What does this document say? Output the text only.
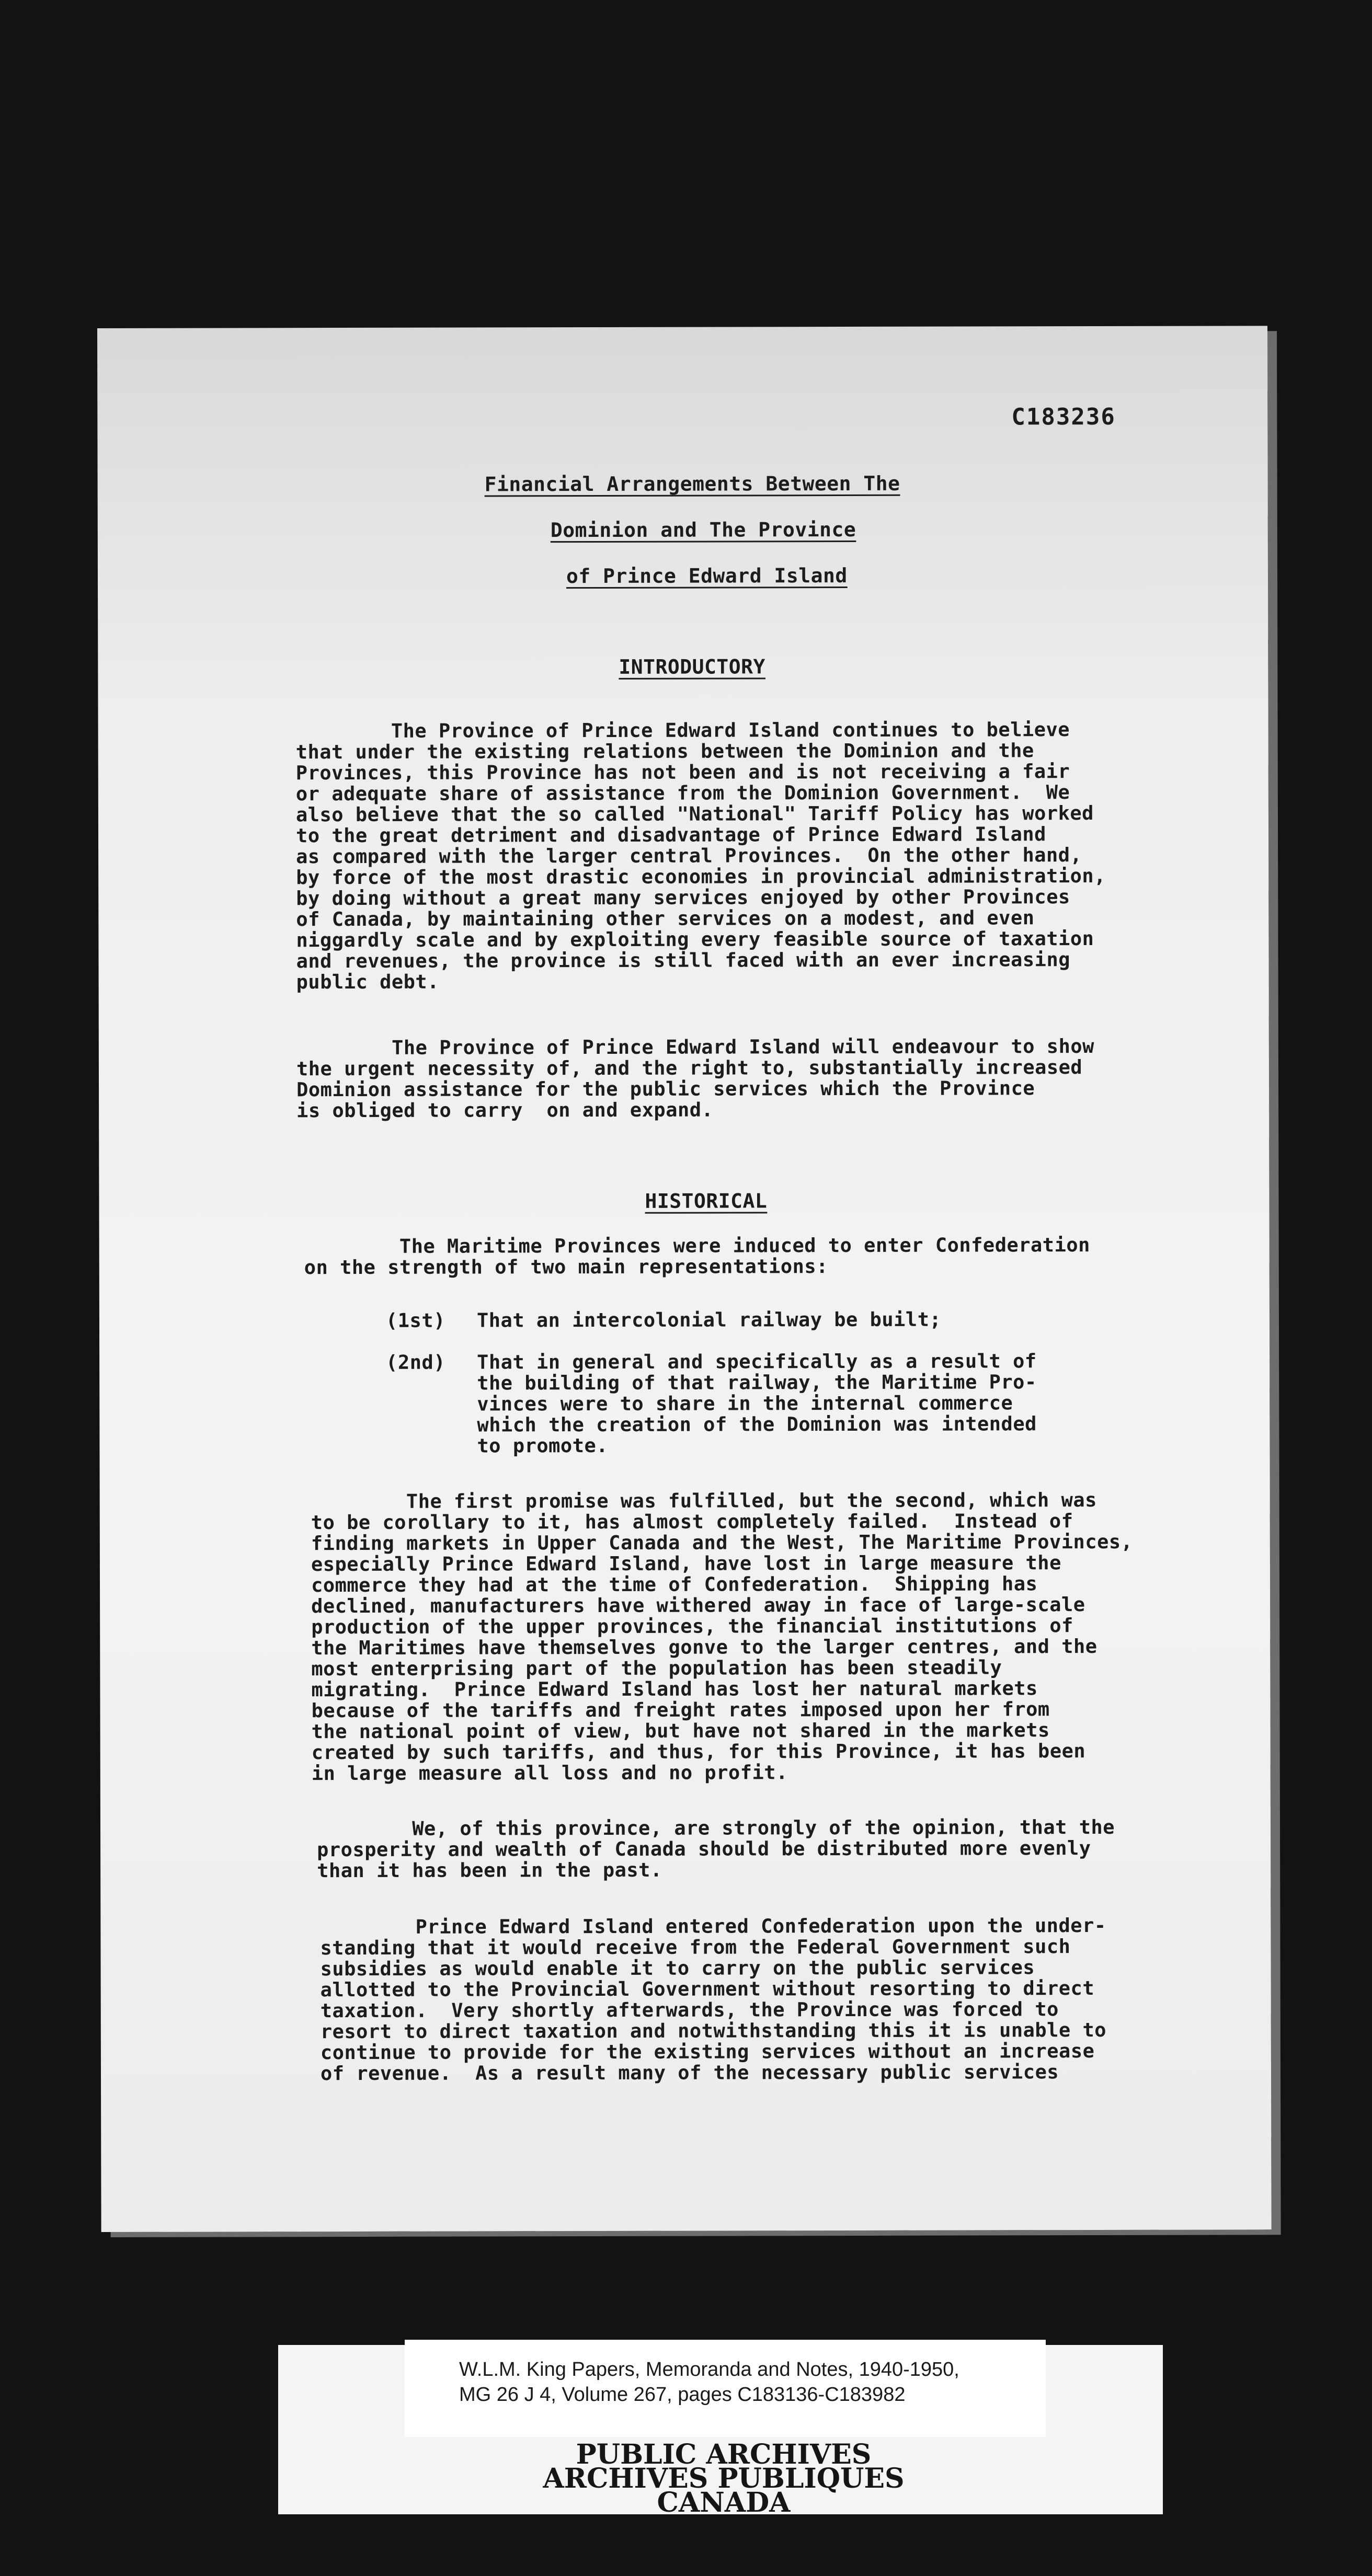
C183236
Financial Arrangements Between The
Dominion and The Province
of Prince Edward Island
INTRODUCTORY
The Province of Prince Edward Island continues to believe
that under the existing relations between the Dominion and the
Provinces, this Province has not been and is not receiving a fair
or adequate share of assistance from the Dominion Government.  We
also believe that the so called "National" Tariff Policy has worked
to the great detriment and disadvantage of Prince Edward Island
as compared with the larger central Provinces.  On the other hand,
by force of the most drastic economies in provincial administration,
by doing without a great many services enjoyed by other Provinces
of Canada, by maintaining other services on a modest, and even
niggardly scale and by exploiting every feasible source of taxation
and revenues, the province is still faced with an ever increasing
public debt.
The Province of Prince Edward Island will endeavour to show
the urgent necessity of, and the right to, substantially increased
Dominion assistance for the public services which the Province
is obliged to carry  on and expand.
HISTORICAL
The Maritime Provinces were induced to enter Confederation
on the strength of two main representations:
(1st) That an intercolonial railway be built;
(2nd) That in general and specifically as a result of
the building of that railway, the Maritime Pro-
vinces were to share in the internal commerce
which the creation of the Dominion was intended
to promote.
The first promise was fulfilled, but the second, which was
to be corollary to it, has almost completely failed.  Instead of
finding markets in Upper Canada and the West, The Maritime Provinces,
especially Prince Edward Island, have lost in large measure the
commerce they had at the time of Confederation.  Shipping has
declined, manufacturers have withered away in face of large-scale
production of the upper provinces, the financial institutions of
the Maritimes have themselves gonve to the larger centres, and the
most enterprising part of the population has been steadily
migrating.  Prince Edward Island has lost her natural markets
because of the tariffs and freight rates imposed upon her from
the national point of view, but have not shared in the markets
created by such tariffs, and thus, for this Province, it has been
in large measure all loss and no profit.
We, of this province, are strongly of the opinion, that the
prosperity and wealth of Canada should be distributed more evenly
than it has been in the past.
Prince Edward Island entered Confederation upon the under-
standing that it would receive from the Federal Government such
subsidies as would enable it to carry on the public services
allotted to the Provincial Government without resorting to direct
taxation.  Very shortly afterwards, the Province was forced to
resort to direct taxation and notwithstanding this it is unable to
continue to provide for the existing services without an increase
of revenue.  As a result many of the necessary public services
W.L.M. King Papers, Memoranda and Notes, 1940-1950,
MG 26 J 4, Volume 267, pages C183136-C183982
PUBLIC ARCHIVES
ARCHIVES PUBLIQUES
CANADA
